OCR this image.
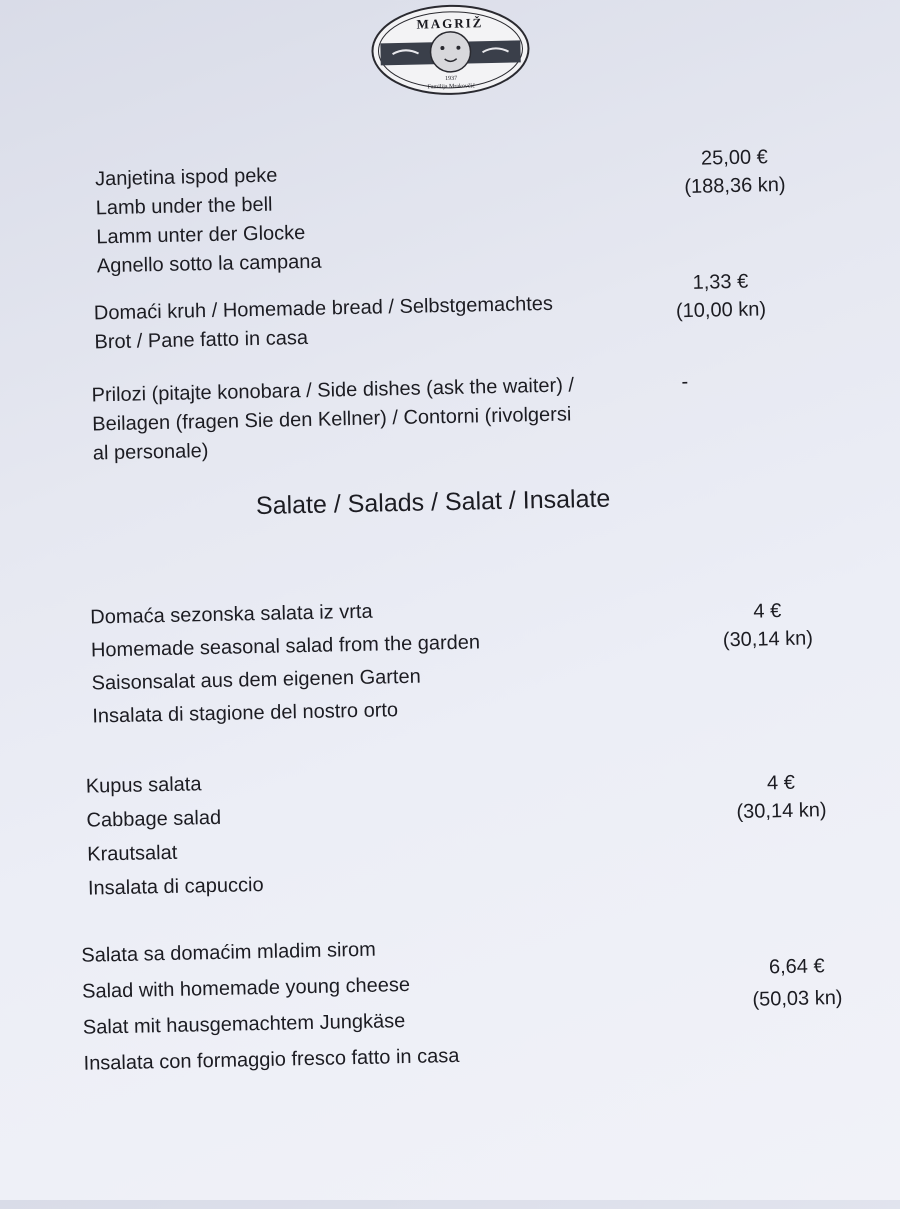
MAGRIŽ
1937
Familija Mrakovčić
Janjetina ispod peke
Lamb under the bell
Lamm unter der Glocke
Agnello sotto la campana
25,00 €
(188,36 kn)
Domaći kruh / Homemade bread / Selbstgemachtes
Brot / Pane fatto in casa
1,33 €
(10,00 kn)
Prilozi (pitajte konobara / Side dishes (ask the waiter) /
Beilagen (fragen Sie den Kellner) / Contorni (rivolgersi
al personale)
-
Salate / Salads / Salat / Insalate
Domaća sezonska salata iz vrta
Homemade seasonal salad from the garden
Saisonsalat aus dem eigenen Garten
Insalata di stagione del nostro orto
4 €
(30,14 kn)
Kupus salata
Cabbage salad
Krautsalat
Insalata di capuccio
4 €
(30,14 kn)
Salata sa domaćim mladim sirom
Salad with homemade young cheese
Salat mit hausgemachtem Jungkäse
Insalata con formaggio fresco fatto in casa
6,64 €
(50,03 kn)
